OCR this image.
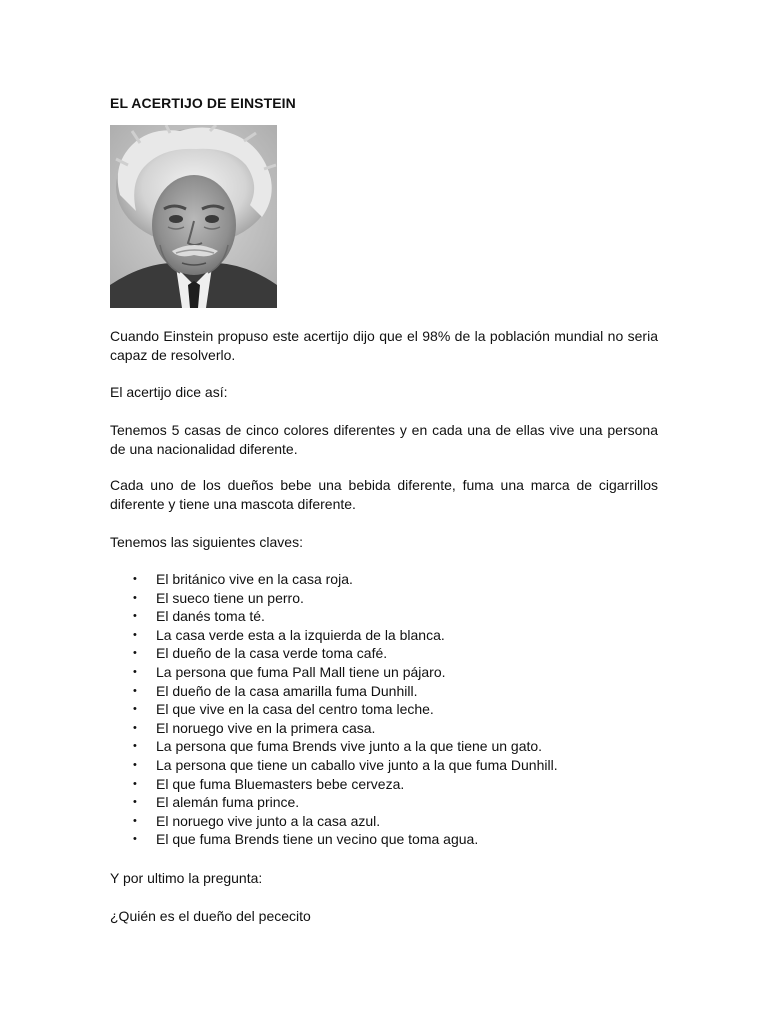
EL ACERTIJO DE EINSTEIN

Cuando Einstein propuso este acertijo dijo que el 98% de la población mundial no seria capaz de resolverlo.

El acertijo dice así:

Tenemos 5 casas de cinco colores diferentes y en cada una de ellas vive una persona de una nacionalidad diferente.

Cada uno de los dueños bebe una bebida diferente, fuma una marca de cigarrillos diferente y tiene una mascota diferente.

Tenemos las siguientes claves:

• El británico vive en la casa roja.
• El sueco tiene un perro.
• El danés toma té.
• La casa verde esta a la izquierda de la blanca.
• El dueño de la casa verde toma café.
• La persona que fuma Pall Mall tiene un pájaro.
• El dueño de la casa amarilla fuma Dunhill.
• El que vive en la casa del centro toma leche.
• El noruego vive en la primera casa.
• La persona que fuma Brends vive junto a la que tiene un gato.
• La persona que tiene un caballo vive junto a la que fuma Dunhill.
• El que fuma Bluemasters bebe cerveza.
• El alemán fuma prince.
• El noruego vive junto a la casa azul.
• El que fuma Brends tiene un vecino que toma agua.

Y por ultimo la pregunta:

¿Quién es el dueño del pececito
